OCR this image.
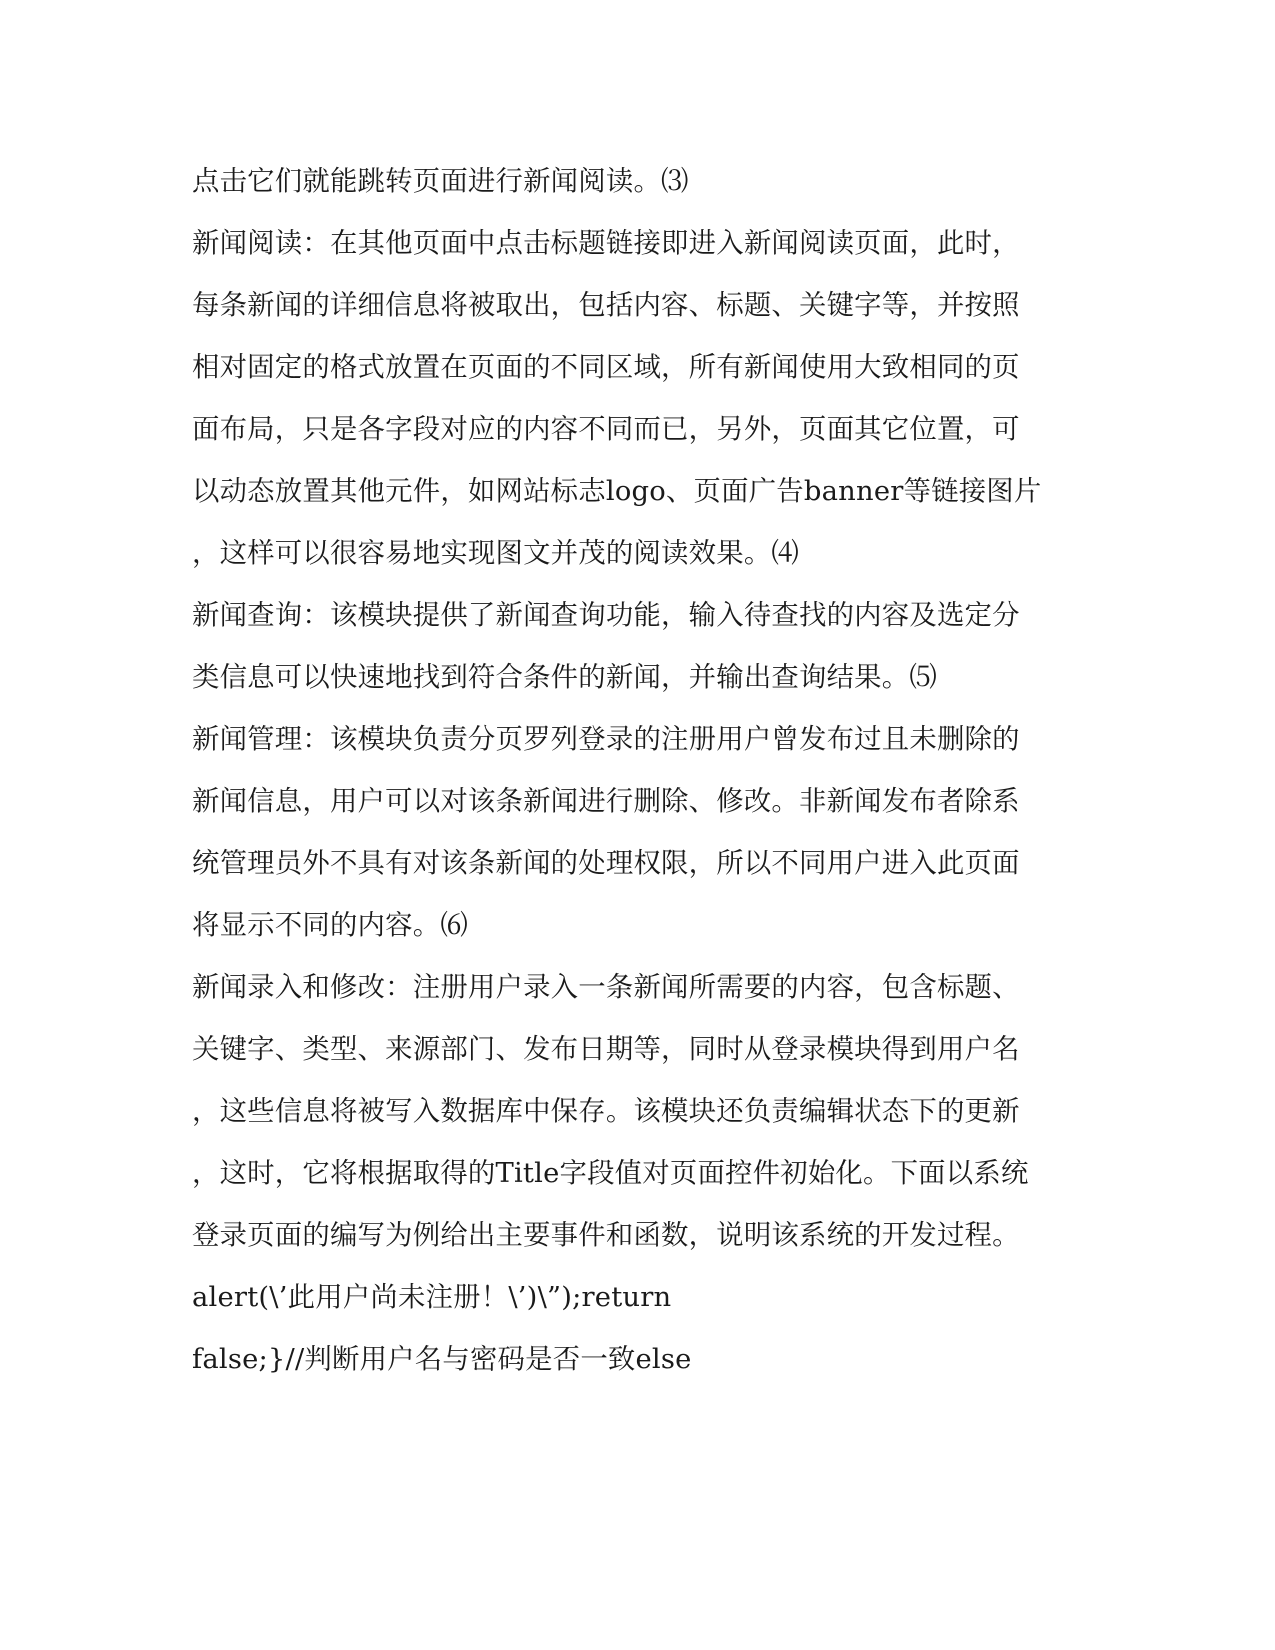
点击它们就能跳转页面进行新闻阅读。⑶
新闻阅读：在其他页面中点击标题链接即进入新闻阅读页面，此时，
每条新闻的详细信息将被取出，包括内容、标题、关键字等，并按照
相对固定的格式放置在页面的不同区域，所有新闻使用大致相同的页
面布局，只是各字段对应的内容不同而已，另外，页面其它位置，可
以动态放置其他元件，如网站标志logo、页面广告banner等链接图片
，这样可以很容易地实现图文并茂的阅读效果。⑷
新闻查询：该模块提供了新闻查询功能，输入待查找的内容及选定分
类信息可以快速地找到符合条件的新闻，并输出查询结果。⑸
新闻管理：该模块负责分页罗列登录的注册用户曾发布过且未删除的
新闻信息，用户可以对该条新闻进行删除、修改。非新闻发布者除系
统管理员外不具有对该条新闻的处理权限，所以不同用户进入此页面
将显示不同的内容。⑹
新闻录入和修改：注册用户录入一条新闻所需要的内容，包含标题、
关键字、类型、来源部门、发布日期等，同时从登录模块得到用户名
，这些信息将被写入数据库中保存。该模块还负责编辑状态下的更新
，这时，它将根据取得的Title字段值对页面控件初始化。下面以系统
登录页面的编写为例给出主要事件和函数，说明该系统的开发过程。
alert(\’此用户尚未注册！\’)\”);return
false;}//判断用户名与密码是否一致else
